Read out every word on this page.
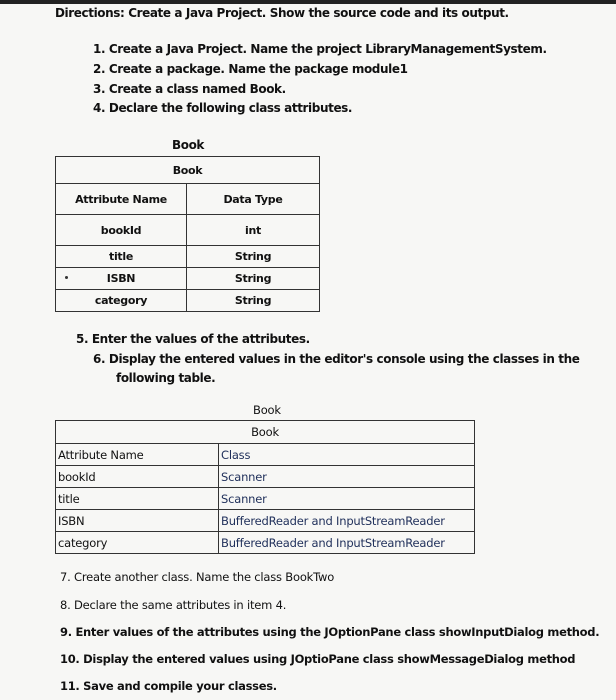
Directions: Create a Java Project. Show the source code and its output.
1. Create a Java Project. Name the project LibraryManagementSystem.
2. Create a package. Name the package module1
3. Create a class named Book.
4. Declare the following class attributes.
Book
Book	
Attribute Name	Data Type
bookId	int
title	String
ISBN	String
category	String
5. Enter the values of the attributes.
6. Display the entered values in the editor's console using the classes in the
following table.
Book
Book	
Attribute Name	Class
bookId	Scanner
title	Scanner
ISBN	BufferedReader and InputStreamReader
category	BufferedReader and InputStreamReader
7. Create another class. Name the class BookTwo
8. Declare the same attributes in item 4.
9. Enter values of the attributes using the JOptionPane class showInputDialog method.
10. Display the entered values using JOptioPane class showMessageDialog method
11. Save and compile your classes.
